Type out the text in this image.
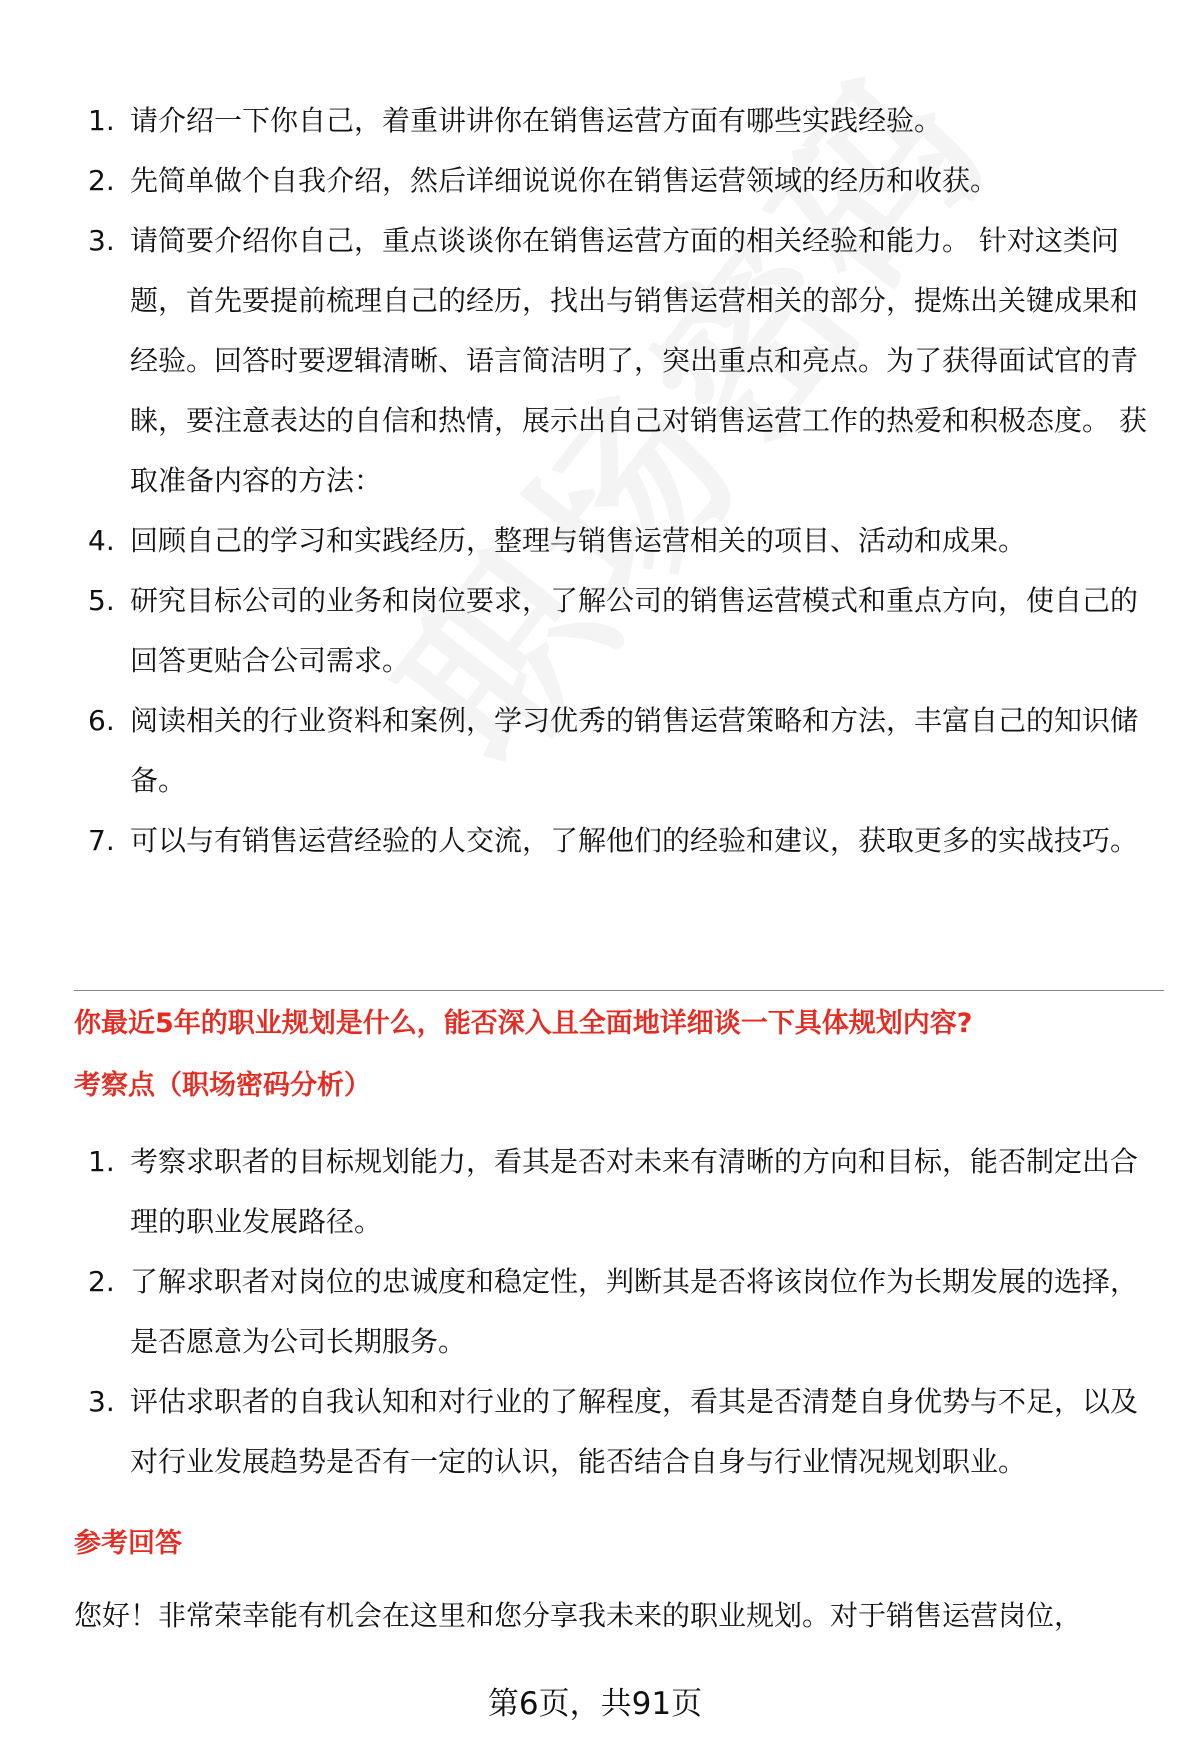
1. 请介绍一下你自己，着重讲讲你在销售运营方面有哪些实践经验。
2. 先简单做个自我介绍，然后详细说说你在销售运营领域的经历和收获。
3. 请简要介绍你自己，重点谈谈你在销售运营方面的相关经验和能力。 针对这类问题，首先要提前梳理自己的经历，找出与销售运营相关的部分，提炼出关键成果和经验。回答时要逻辑清晰、语言简洁明了，突出重点和亮点。为了获得面试官的青睐，要注意表达的自信和热情，展示出自己对销售运营工作的热爱和积极态度。 获取准备内容的方法：
4. 回顾自己的学习和实践经历，整理与销售运营相关的项目、活动和成果。
5. 研究目标公司的业务和岗位要求，了解公司的销售运营模式和重点方向，使自己的回答更贴合公司需求。
6. 阅读相关的行业资料和案例，学习优秀的销售运营策略和方法，丰富自己的知识储备。
7. 可以与有销售运营经验的人交流，了解他们的经验和建议，获取更多的实战技巧。
你最近5年的职业规划是什么，能否深入且全面地详细谈一下具体规划内容?
考察点（职场密码分析）
1. 考察求职者的目标规划能力，看其是否对未来有清晰的方向和目标，能否制定出合理的职业发展路径。
2. 了解求职者对岗位的忠诚度和稳定性，判断其是否将该岗位作为长期发展的选择，是否愿意为公司长期服务。
3. 评估求职者的自我认知和对行业的了解程度，看其是否清楚自身优势与不足，以及对行业发展趋势是否有一定的认识，能否结合自身与行业情况规划职业。
参考回答
您好！非常荣幸能有机会在这里和您分享我未来的职业规划。对于销售运营岗位，
第6页，共91页
